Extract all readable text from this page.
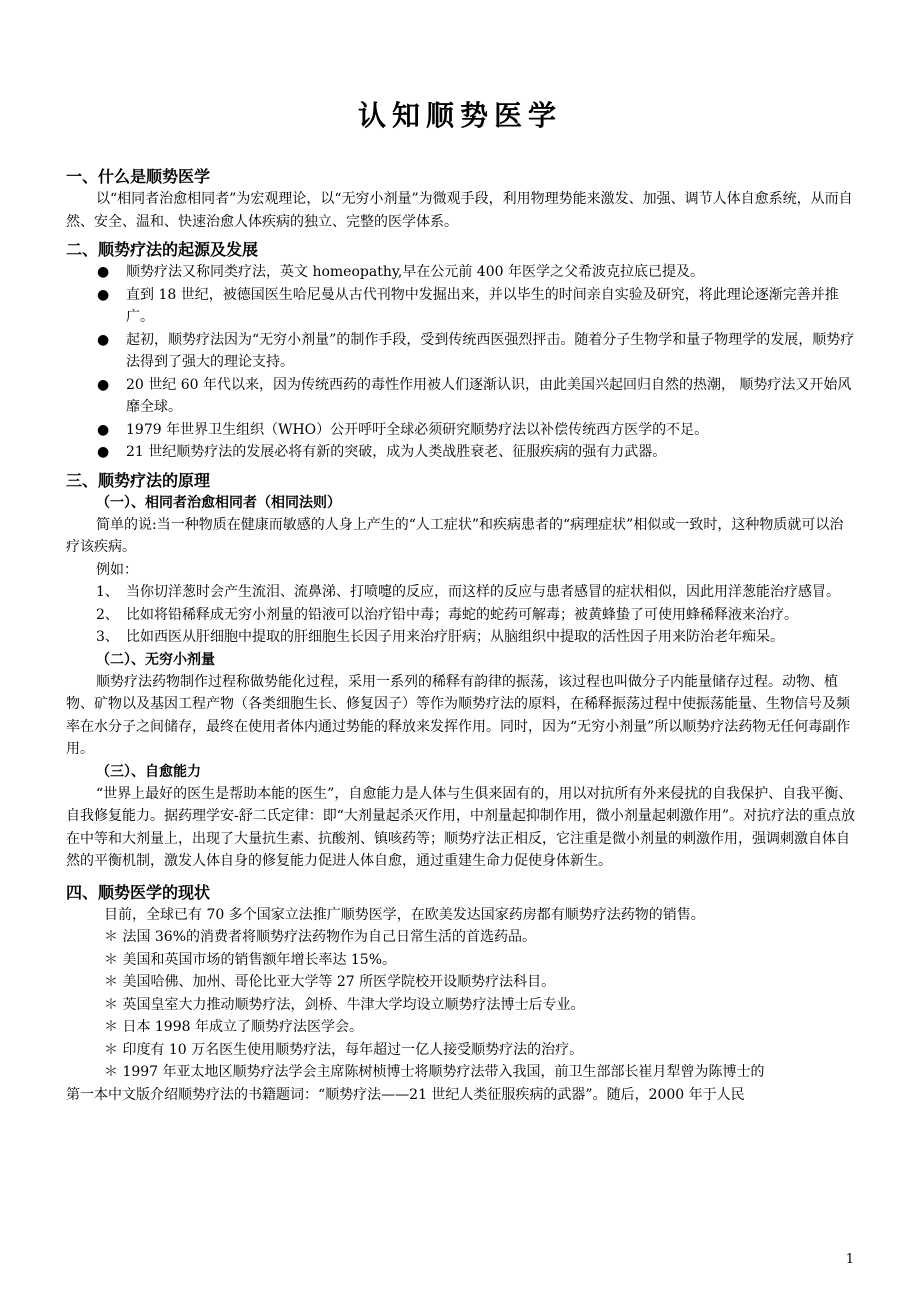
认知顺势医学
一、什么是顺势医学

以“相同者治愈相同者”为宏观理论，以“无穷小剂量”为微观手段，利用物理势能来激发、加强、调节人体自愈系统，从而自然、安全、温和、快速治愈人体疾病的独立、完整的医学体系。

二、顺势疗法的起源及发展
● 顺势疗法又称同类疗法，英文 homeopathy,早在公元前 400 年医学之父希波克拉底已提及。
● 直到 18 世纪，被德国医生哈尼曼从古代刊物中发掘出来，并以毕生的时间亲自实验及研究，将此理论逐渐完善并推广。
● 起初，顺势疗法因为“无穷小剂量”的制作手段，受到传统西医强烈抨击。随着分子生物学和量子物理学的发展，顺势疗法得到了强大的理论支持。
● 20 世纪 60 年代以来，因为传统西药的毒性作用被人们逐渐认识，由此美国兴起回归自然的热潮， 顺势疗法又开始风靡全球。
● 1979 年世界卫生组织（WHO）公开呼吁全球必须研究顺势疗法以补偿传统西方医学的不足。
● 21 世纪顺势疗法的发展必将有新的突破，成为人类战胜衰老、征服疾病的强有力武器。
三、顺势疗法的原理
（一）、相同者治愈相同者（相同法则）

简单的说:当一种物质在健康而敏感的人身上产生的“人工症状”和疾病患者的“病理症状”相似或一致时，这种物质就可以治疗该疾病。

例如：

1、 当你切洋葱时会产生流泪、流鼻涕、打喷嚏的反应，而这样的反应与患者感冒的症状相似，因此用洋葱能治疗感冒。
2、 比如将铅稀释成无穷小剂量的铅液可以治疗铅中毒；毒蛇的蛇药可解毒；被黄蜂蛰了可使用蜂稀释液来治疗。
3、 比如西医从肝细胞中提取的肝细胞生长因子用来治疗肝病；从脑组织中提取的活性因子用来防治老年痴呆。
（二）、无穷小剂量

顺势疗法药物制作过程称做势能化过程，采用一系列的稀释有韵律的振荡，该过程也叫做分子内能量储存过程。动物、植物、矿物以及基因工程产物（各类细胞生长、修复因子）等作为顺势疗法的原料，在稀释振荡过程中使振荡能量、生物信号及频率在水分子之间储存，最终在使用者体内通过势能的释放来发挥作用。同时，因为“无穷小剂量”所以顺势疗法药物无任何毒副作用。

（三）、自愈能力

“世界上最好的医生是帮助本能的医生”，自愈能力是人体与生俱来固有的，用以对抗所有外来侵扰的自我保护、自我平衡、自我修复能力。据药理学安-舒二氏定律：即“大剂量起杀灭作用，中剂量起抑制作用，微小剂量起刺激作用”。对抗疗法的重点放在中等和大剂量上，出现了大量抗生素、抗酸剂、镇咳药等；顺势疗法正相反，它注重是微小剂量的刺激作用，强调刺激自体自然的平衡机制，激发人体自身的修复能力促进人体自愈，通过重建生命力促使身体新生。

四、顺势医学的现状

目前，全球已有 70 多个国家立法推广顺势医学，在欧美发达国家药房都有顺势疗法药物的销售。

＊ 法国 36%的消费者将顺势疗法药物作为自己日常生活的首选药品。
＊ 美国和英国市场的销售额年增长率达 15%。
＊ 美国哈佛、加州、哥伦比亚大学等 27 所医学院校开设顺势疗法科目。
＊ 英国皇室大力推动顺势疗法，剑桥、牛津大学均设立顺势疗法博士后专业。
＊ 日本 1998 年成立了顺势疗法医学会。
＊ 印度有 10 万名医生使用顺势疗法，每年超过一亿人接受顺势疗法的治疗。
＊ 1997 年亚太地区顺势疗法学会主席陈树桢博士将顺势疗法带入我国，前卫生部部长崔月犁曾为陈博士的
第一本中文版介绍顺势疗法的书籍题词：“顺势疗法——21 世纪人类征服疾病的武器”。随后，2000 年于人民
1
